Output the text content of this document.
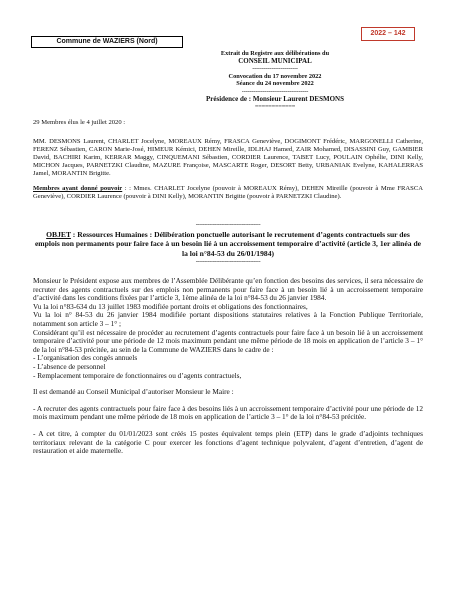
Commune de WAZIERS (Nord)
2022 – 142
Extrait du Registre aux délibérations du
CONSEIL MUNICIPAL
------------------------
Convocation du 17 novembre 2022
Séance du 24 novembre 2022
-----------------------------------
Présidence de : Monsieur Laurent DESMONS
============
29 Membres élus le 4 juillet 2020 :
MM. DESMONS Laurent, CHARLET Jocelyne, MOREAUX Rémy, FRASCA Geneviève, DOGIMONT Frédéric, MARGONELLI Catherine, FERENZ Sébastien, CARON Marie-José, HIMEUR Kémici, DEHEN Mireille, IDLHAJ Hamed, ZAIR Mohamed, DISASSINI Guy, GAMBIER David, BACHIRI Karim, KERRAR Maggy, CINQUEMANI Sébastien, CORDIER Laurence, TABET Lucy, POULAIN Ophélie, DINI Kelly, MICHON Jacques, PARNETZKI Claudine, MAZURE Françoise, MASCARTE Roger, DESORT Betty, URBANIAK Evelyne, KAHALERRAS Jamel, MORANTIN Brigitte.
Membres ayant donné pouvoir : : Mmes. CHARLET Jocelyne (pouvoir à MOREAUX Rémy), DEHEN Mireille (pouvoir à Mme FRASCA Geneviève), CORDIER Laurence (pouvoir à DINI Kelly), MORANTIN Brigitte (pouvoir à PARNETZKI Claudine).
--------------------------------------
OBJET : Ressources Humaines : Délibération ponctuelle autorisant le recrutement d’agents contractuels sur des emplois non permanents pour faire face à un besoin lié à un accroissement temporaire d’activité (article 3, 1er alinéa de la loi n°84-53 du 26/01/1984)
--------------------------------------

Monsieur le Président expose aux membres de l’Assemblée Délibérante qu’en fonction des besoins des services, il sera nécessaire de recruter des agents contractuels sur des emplois non permanents pour faire face à un besoin lié à un accroissement temporaire d’activité dans les conditions fixées par l’article 3, 1ème alinéa de la loi n°84-53 du 26 janvier 1984.

Vu la loi n°83-634 du 13 juillet 1983 modifiée portant droits et obligations des fonctionnaires,

Vu la loi n° 84-53 du 26 janvier 1984 modifiée portant dispositions statutaires relatives à la Fonction Publique Territoriale, notamment son article 3 – 1° ;

Considérant qu’il est nécessaire de procéder au recrutement d’agents contractuels pour faire face à un besoin lié à un accroissement temporaire d’activité pour une période de 12 mois maximum pendant une même période de 18 mois en application de l’article 3 – 1° de la loi n°84-53 précitée, au sein de la Commune de WAZIERS dans le cadre de :

- L’organisation des congés annuels

- L’absence de personnel

- Remplacement temporaire de fonctionnaires ou d’agents contractuels,

Il est demandé au Conseil Municipal d’autoriser Monsieur le Maire :

- A recruter des agents contractuels pour faire face à des besoins liés à un accroissement temporaire d’activité pour une période de 12 mois maximum pendant une même période de 18 mois en application de l’article 3 – 1° de la loi n°84-53 précitée.

- A cet titre, à compter du 01/01/2023 sont créés 15 postes équivalent temps plein (ETP) dans le grade d’adjoints techniques territoriaux relevant de la catégorie C pour exercer les fonctions d’agent technique polyvalent, d’agent d’entretien, d’agent de restauration et aide maternelle.
